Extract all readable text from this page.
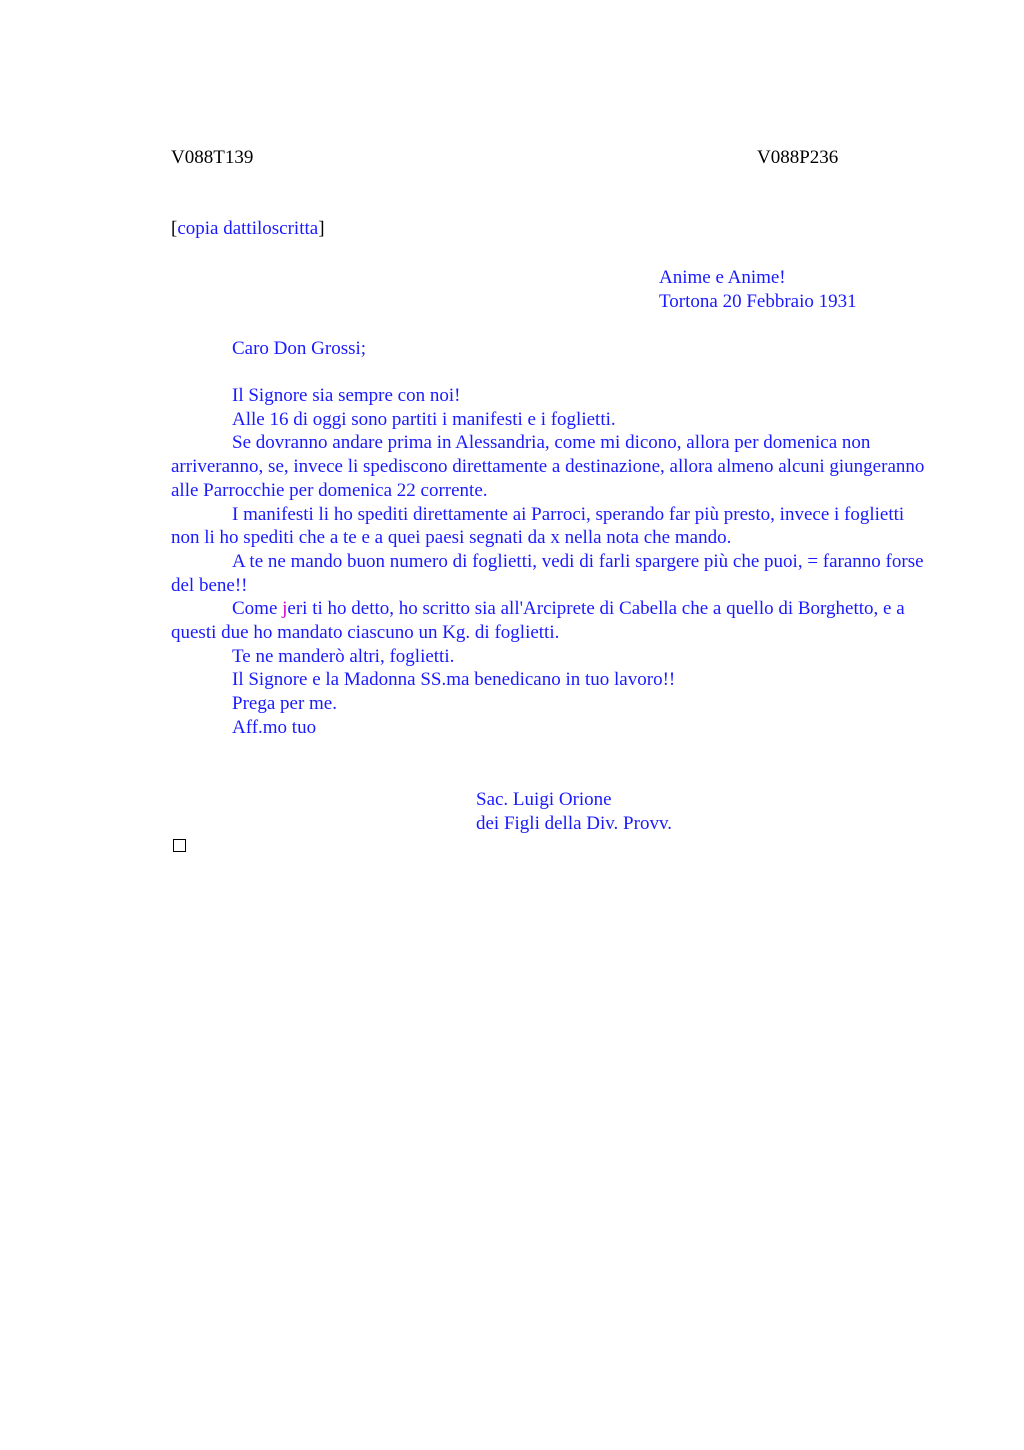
V088T139	V088P236
[copia dattiloscritta]
Anime e Anime!
Tortona 20 Febbraio 1931
Caro Don Grossi;

Il Signore sia sempre con noi!

Alle 16 di oggi sono partiti i manifesti e i foglietti.

Se dovranno andare prima in Alessandria, come mi dicono, allora per domenica non arriveranno, se, invece li spediscono direttamente a destinazione, allora almeno alcuni giungeranno alle Parrocchie per domenica 22 corrente.

I manifesti li ho spediti direttamente ai Parroci, sperando far più presto, invece i foglietti non li ho spediti che a te e a quei paesi segnati da x nella nota che mando.

A te ne mando buon numero di foglietti, vedi di farli spargere più che puoi, = faranno forse del bene!!

Come jeri ti ho detto, ho scritto sia all'Arciprete di Cabella che a quello di Borghetto, e a questi due ho mandato ciascuno un Kg. di foglietti.

Te ne manderò altri, foglietti.

Il Signore e la Madonna SS.ma benedicano in tuo lavoro!!

Prega per me.

Aff.mo tuo

Sac. Luigi Orione
dei Figli della Div. Provv.
